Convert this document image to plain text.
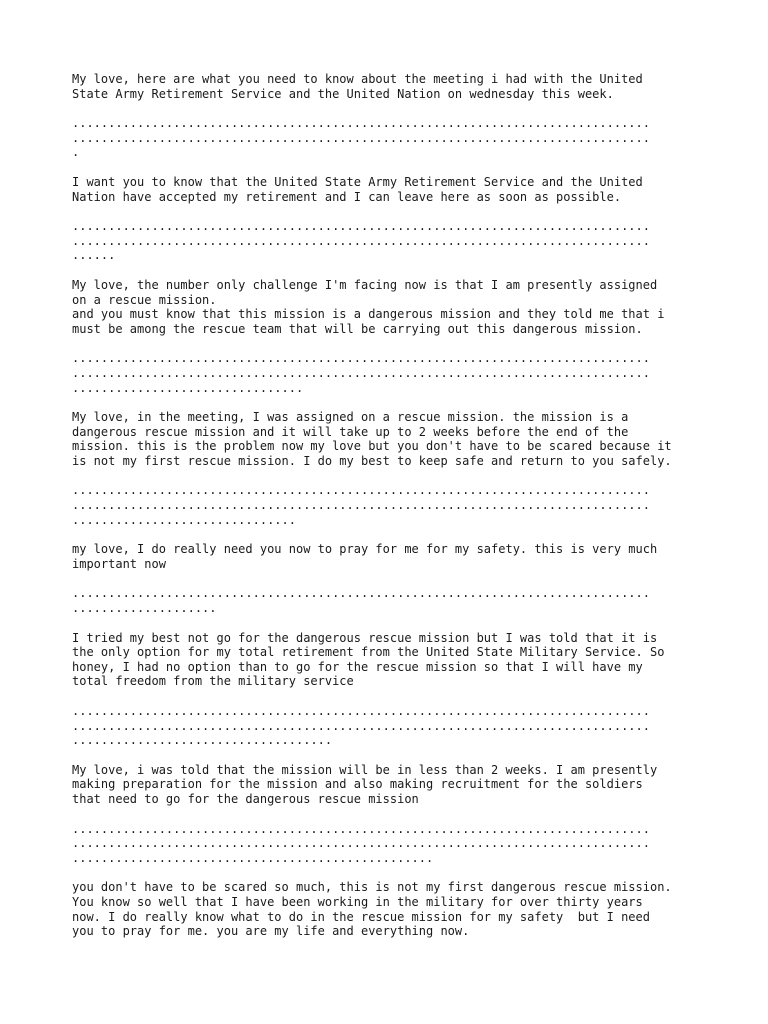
My love, here are what you need to know about the meeting i had with the United
State Army Retirement Service and the United Nation on wednesday this week.
................................................................................
................................................................................
.
I want you to know that the United State Army Retirement Service and the United
Nation have accepted my retirement and I can leave here as soon as possible.
................................................................................
................................................................................
......
My love, the number only challenge I'm facing now is that I am presently assigned
on a rescue mission.
and you must know that this mission is a dangerous mission and they told me that i
must be among the rescue team that will be carrying out this dangerous mission.
................................................................................
................................................................................
................................
My love, in the meeting, I was assigned on a rescue mission. the mission is a
dangerous rescue mission and it will take up to 2 weeks before the end of the
mission. this is the problem now my love but you don't have to be scared because it
is not my first rescue mission. I do my best to keep safe and return to you safely.
................................................................................
................................................................................
...............................
my love, I do really need you now to pray for me for my safety. this is very much
important now
................................................................................
....................
I tried my best not go for the dangerous rescue mission but I was told that it is
the only option for my total retirement from the United State Military Service. So
honey, I had no option than to go for the rescue mission so that I will have my
total freedom from the military service
................................................................................
................................................................................
....................................
My love, i was told that the mission will be in less than 2 weeks. I am presently
making preparation for the mission and also making recruitment for the soldiers
that need to go for the dangerous rescue mission
................................................................................
................................................................................
..................................................
you don't have to be scared so much, this is not my first dangerous rescue mission.
You know so well that I have been working in the military for over thirty years
now. I do really know what to do in the rescue mission for my safety  but I need
you to pray for me. you are my life and everything now.
